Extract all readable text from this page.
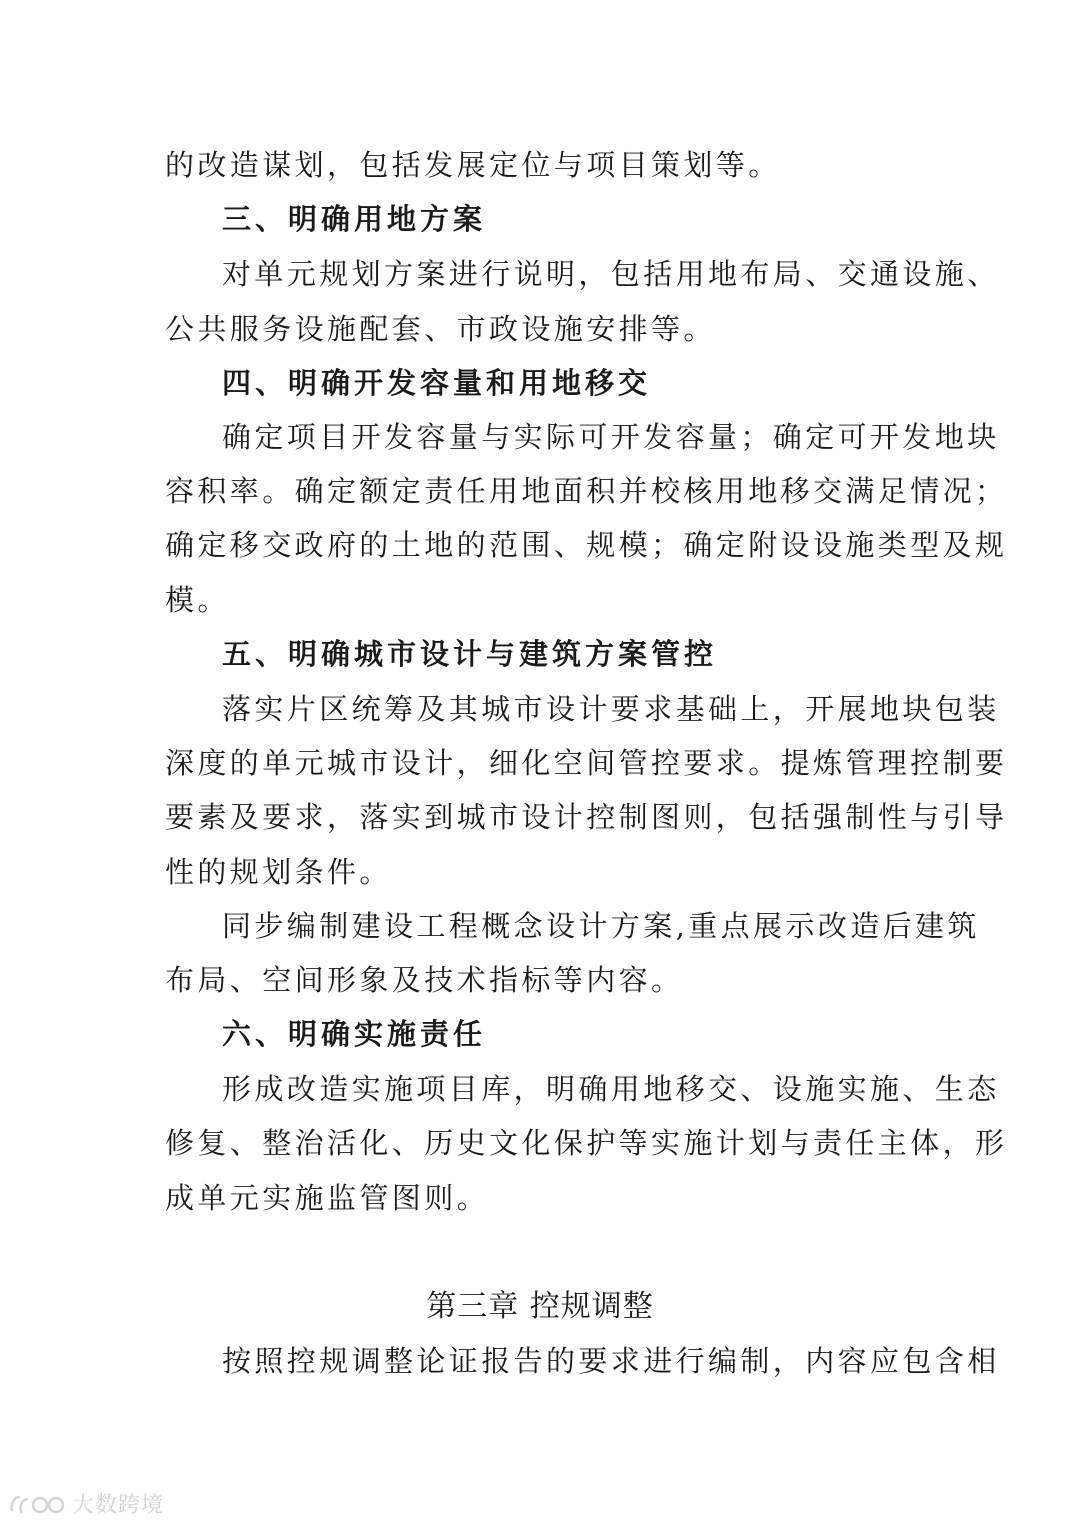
的改造谋划，包括发展定位与项目策划等。
三、明确用地方案
对单元规划方案进行说明，包括用地布局、交通设施、
公共服务设施配套、市政设施安排等。
四、明确开发容量和用地移交
确定项目开发容量与实际可开发容量；确定可开发地块
容积率。确定额定责任用地面积并校核用地移交满足情况；
确定移交政府的土地的范围、规模；确定附设设施类型及规
模。
五、明确城市设计与建筑方案管控
落实片区统筹及其城市设计要求基础上，开展地块包装
深度的单元城市设计，细化空间管控要求。提炼管理控制要
要素及要求，落实到城市设计控制图则，包括强制性与引导
性的规划条件。
同步编制建设工程概念设计方案,重点展示改造后建筑
布局、空间形象及技术指标等内容。
六、明确实施责任
形成改造实施项目库，明确用地移交、设施实施、生态
修复、整治活化、历史文化保护等实施计划与责任主体，形
成单元实施监管图则。
第三章 控规调整
按照控规调整论证报告的要求进行编制，内容应包含相
大数跨境
